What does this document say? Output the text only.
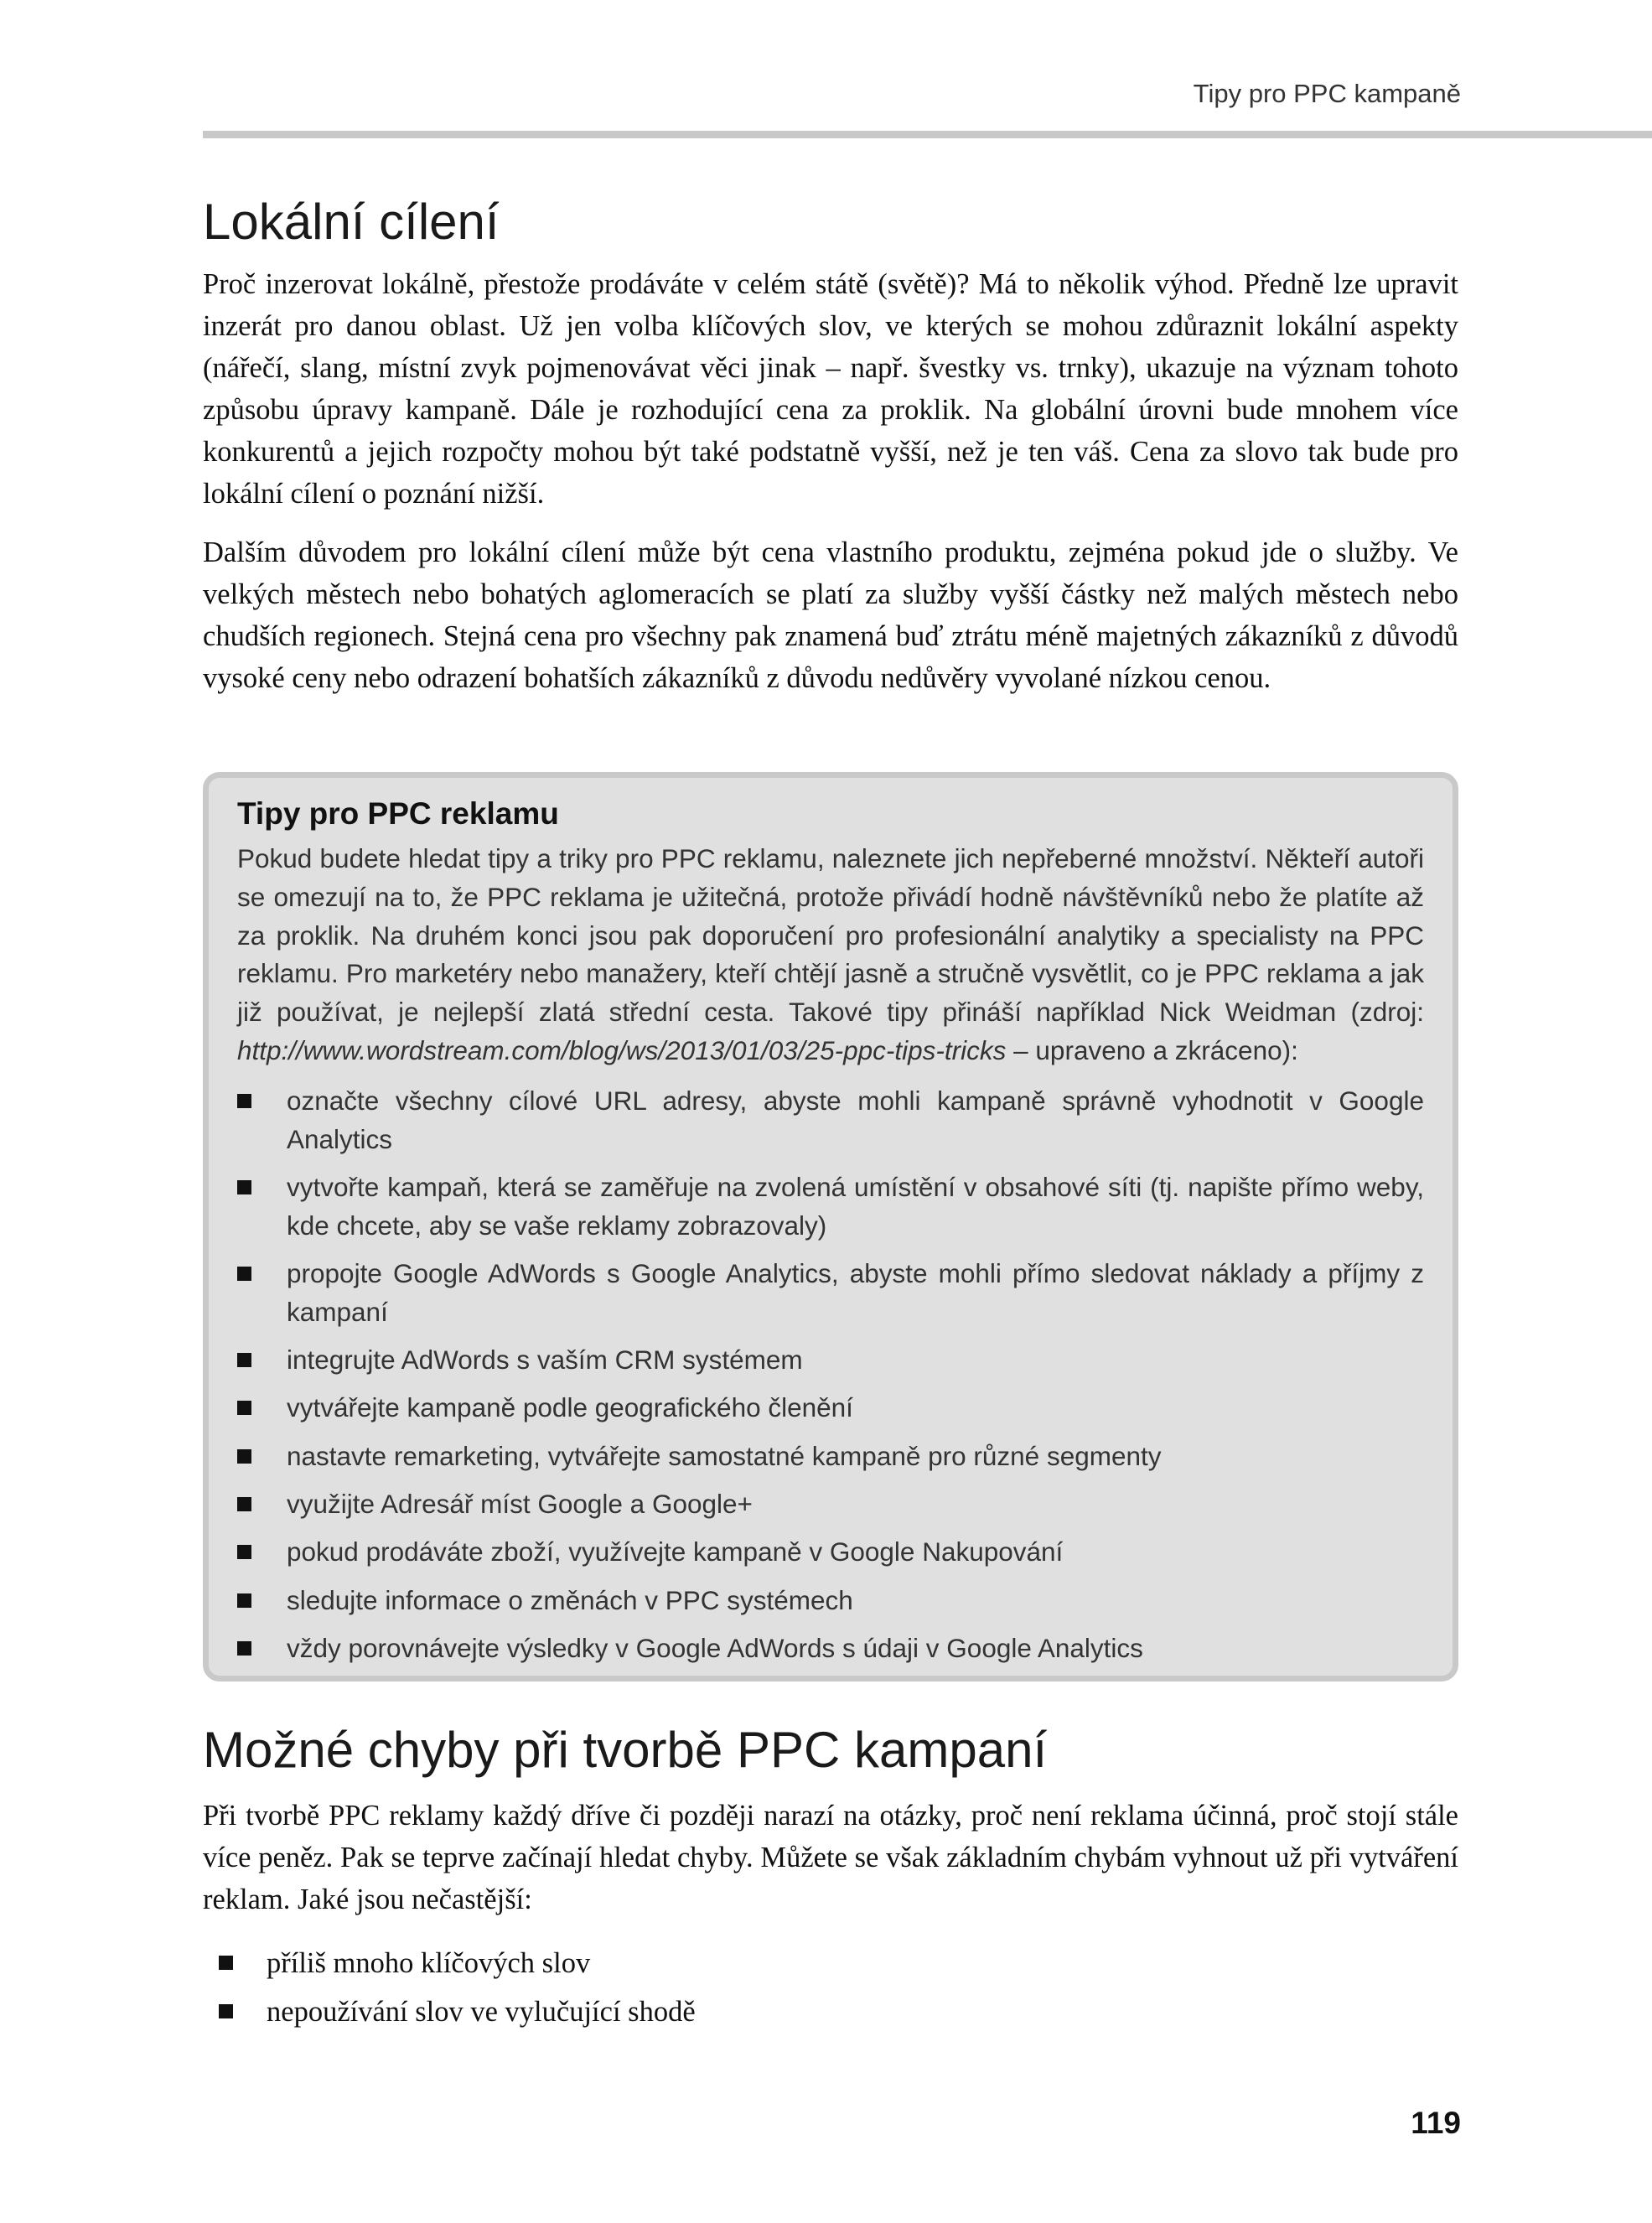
Tipy pro PPC kampaně
Lokální cílení

Proč inzerovat lokálně, přestože prodáváte v celém státě (světě)? Má to několik výhod. Předně lze upravit inzerát pro danou oblast. Už jen volba klíčových slov, ve kterých se mohou zdůraznit lokální aspekty (nářečí, slang, místní zvyk pojmenovávat věci jinak – např. švestky vs. trnky), ukazuje na význam tohoto způsobu úpravy kampaně. Dále je rozhodující cena za proklik. Na globální úrovni bude mnohem více konkurentů a jejich rozpočty mohou být také podstatně vyšší, než je ten váš. Cena za slovo tak bude pro lokální cílení o poznání nižší.

Dalším důvodem pro lokální cílení může být cena vlastního produktu, zejména pokud jde o služby. Ve velkých městech nebo bohatých aglomeracích se platí za služby vyšší částky než malých městech nebo chudších regionech. Stejná cena pro všechny pak znamená buď ztrátu méně majetných zákazníků z důvodů vysoké ceny nebo odrazení bohatších zákazníků z důvodu nedůvěry vyvolané nízkou cenou.

Tipy pro PPC reklamu

Pokud budete hledat tipy a triky pro PPC reklamu, naleznete jich nepřeberné množství. Někteří autoři se omezují na to, že PPC reklama je užitečná, protože přivádí hodně návštěvníků nebo že platíte až za proklik. Na druhém konci jsou pak doporučení pro profesionální analytiky a specialisty na PPC reklamu. Pro marketéry nebo manažery, kteří chtějí jasně a stručně vysvětlit, co je PPC reklama a jak již používat, je nejlepší zlatá střední cesta. Takové tipy přináší například Nick Weidman (zdroj: http://www.wordstream.com/blog/ws/2013/01/03/25-ppc-tips-tricks – upraveno a zkráceno):

označte všechny cílové URL adresy, abyste mohli kampaně správně vyhodnotit v Google Analytics
vytvořte kampaň, která se zaměřuje na zvolená umístění v obsahové síti (tj. napište přímo weby, kde chcete, aby se vaše reklamy zobrazovaly)
propojte Google AdWords s Google Analytics, abyste mohli přímo sledovat náklady a příjmy z kampaní
integrujte AdWords s vaším CRM systémem
vytvářejte kampaně podle geografického členění
nastavte remarketing, vytvářejte samostatné kampaně pro různé segmenty
využijte Adresář míst Google a Google+
pokud prodáváte zboží, využívejte kampaně v Google Nakupování
sledujte informace o změnách v PPC systémech
vždy porovnávejte výsledky v Google AdWords s údaji v Google Analytics
Možné chyby při tvorbě PPC kampaní

Při tvorbě PPC reklamy každý dříve či později narazí na otázky, proč není reklama účinná, proč stojí stále více peněz. Pak se teprve začínají hledat chyby. Můžete se však základním chybám vyhnout už při vytváření reklam. Jaké jsou nečastější:

příliš mnoho klíčových slov
nepoužívání slov ve vylučující shodě
119
